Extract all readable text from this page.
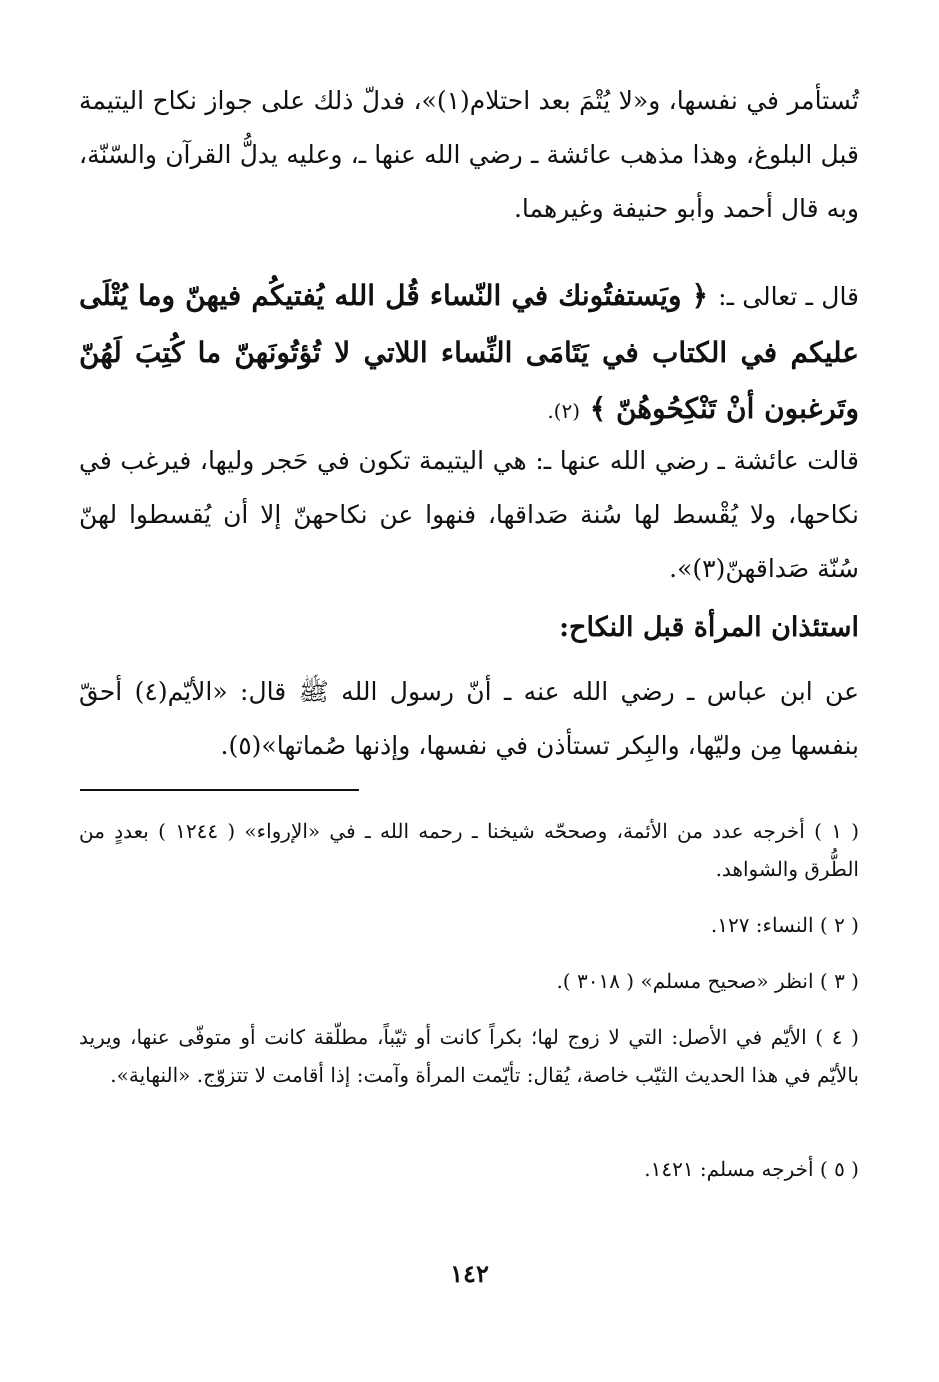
تُستأمر في نفسها، و«لا يُتْمَ بعد احتلام(١)»، فدلّ ذلك على جواز نكاح اليتيمة قبل البلوغ، وهذا مذهب عائشة ـ رضي الله عنها ـ، وعليه يدلُّ القرآن والسّنّة، وبه قال أحمد وأبو حنيفة وغيرهما.

قال ـ تعالى ـ: ﴿ ويَستفتُونك في النّساء قُل الله يُفتيكُم فيهنّ وما يُتْلَى عليكم في الكتاب في يَتَامَى النِّساء اللاتي لا تُؤتُونَهنّ ما كُتِبَ لَهُنّ وتَرغبون أنْ تَنْكِحُوهُنّ ﴾ (٢).

قالت عائشة ـ رضي الله عنها ـ: هي اليتيمة تكون في حَجر وليها، فيرغب في نكاحها، ولا يُقْسط لها سُنة صَداقها، فنهوا عن نكاحهنّ إلا أن يُقسطوا لهنّ سُنّة صَداقهنّ(٣)».

استئذان المرأة قبل النكاح:

عن ابن عباس ـ رضي الله عنه ـ أنّ رسول الله ﷺ قال: «الأيّم(٤) أحقّ بنفسها مِن وليّها، والبِكر تستأذن في نفسها، وإذنها صُماتها»(٥).

( ١ ) أخرجه عدد من الأئمة، وصححّه شيخنا ـ رحمه الله ـ في «الإرواء» ( ١٢٤٤ ) بعددٍ من الطُّرق والشواهد.

( ٢ ) النساء: ١٢٧.

( ٣ ) انظر «صحيح مسلم» ( ٣٠١٨ ).

( ٤ ) الأيّم في الأصل: التي لا زوج لها؛ بكراً كانت أو ثيّباً، مطلّقة كانت أو متوفّى عنها، ويريد بالأيّم في هذا الحديث الثيّب خاصة، يُقال: تأيّمت المرأة وآمت: إذا أقامت لا تتزوّج. «النهاية».

( ٥ ) أخرجه مسلم: ١٤٢١.

١٤٢
